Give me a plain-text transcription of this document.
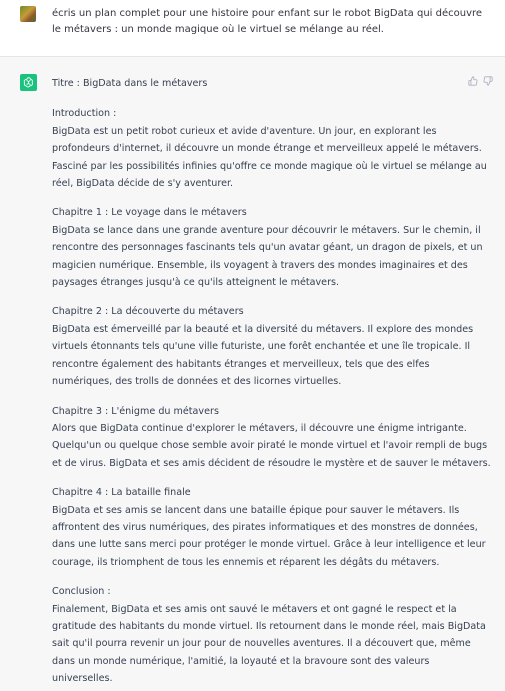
écris un plan complet pour une histoire pour enfant sur le robot BigData qui découvre le métavers : un monde magique où le virtuel se mélange au réel.

Titre : BigData dans le métavers

Introduction :

BigData est un petit robot curieux et avide d'aventure. Un jour, en explorant les profondeurs d'internet, il découvre un monde étrange et merveilleux appelé le métavers. Fasciné par les possibilités infinies qu'offre ce monde magique où le virtuel se mélange au réel, BigData décide de s'y aventurer.

Chapitre 1 : Le voyage dans le métavers

BigData se lance dans une grande aventure pour découvrir le métavers. Sur le chemin, il rencontre des personnages fascinants tels qu'un avatar géant, un dragon de pixels, et un magicien numérique. Ensemble, ils voyagent à travers des mondes imaginaires et des paysages étranges jusqu'à ce qu'ils atteignent le métavers.

Chapitre 2 : La découverte du métavers

BigData est émerveillé par la beauté et la diversité du métavers. Il explore des mondes virtuels étonnants tels qu'une ville futuriste, une forêt enchantée et une île tropicale. Il rencontre également des habitants étranges et merveilleux, tels que des elfes numériques, des trolls de données et des licornes virtuelles.

Chapitre 3 : L'énigme du métavers

Alors que BigData continue d'explorer le métavers, il découvre une énigme intrigante. Quelqu'un ou quelque chose semble avoir piraté le monde virtuel et l'avoir rempli de bugs et de virus. BigData et ses amis décident de résoudre le mystère et de sauver le métavers.

Chapitre 4 : La bataille finale

BigData et ses amis se lancent dans une bataille épique pour sauver le métavers. Ils affrontent des virus numériques, des pirates informatiques et des monstres de données, dans une lutte sans merci pour protéger le monde virtuel. Grâce à leur intelligence et leur courage, ils triomphent de tous les ennemis et réparent les dégâts du métavers.

Conclusion :

Finalement, BigData et ses amis ont sauvé le métavers et ont gagné le respect et la gratitude des habitants du monde virtuel. Ils retournent dans le monde réel, mais BigData sait qu'il pourra revenir un jour pour de nouvelles aventures. Il a découvert que, même dans un monde numérique, l'amitié, la loyauté et la bravoure sont des valeurs universelles.
